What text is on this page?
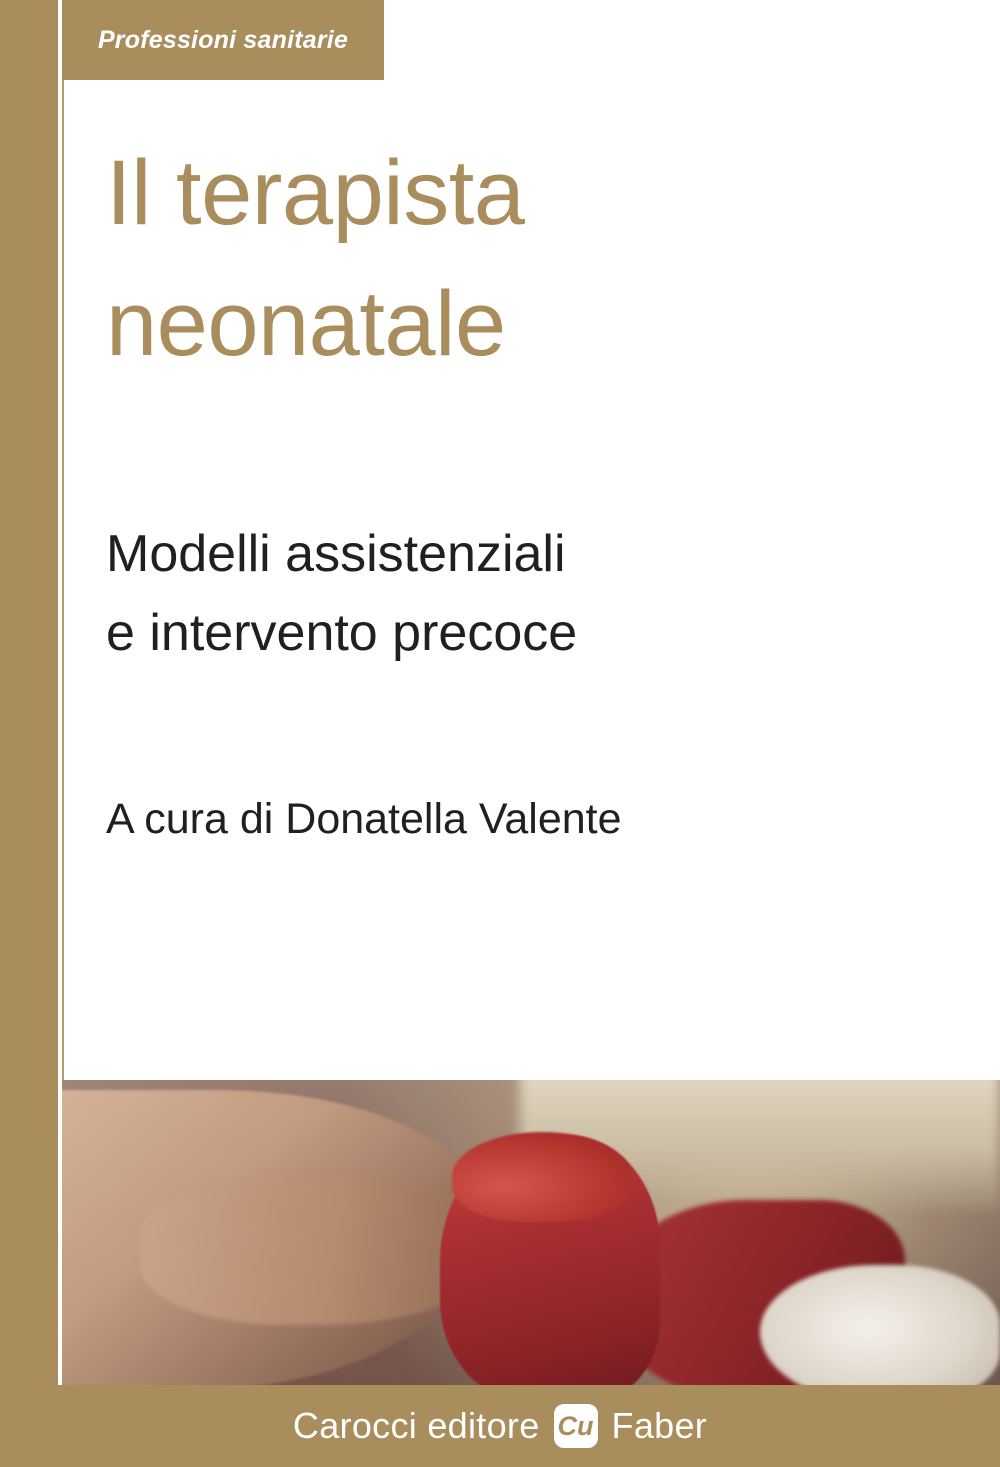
Professioni sanitarie
Il terapista
neonatale
Modelli assistenziali
e intervento precoce
A cura di Donatella Valente
Carocci editore Cu Faber
